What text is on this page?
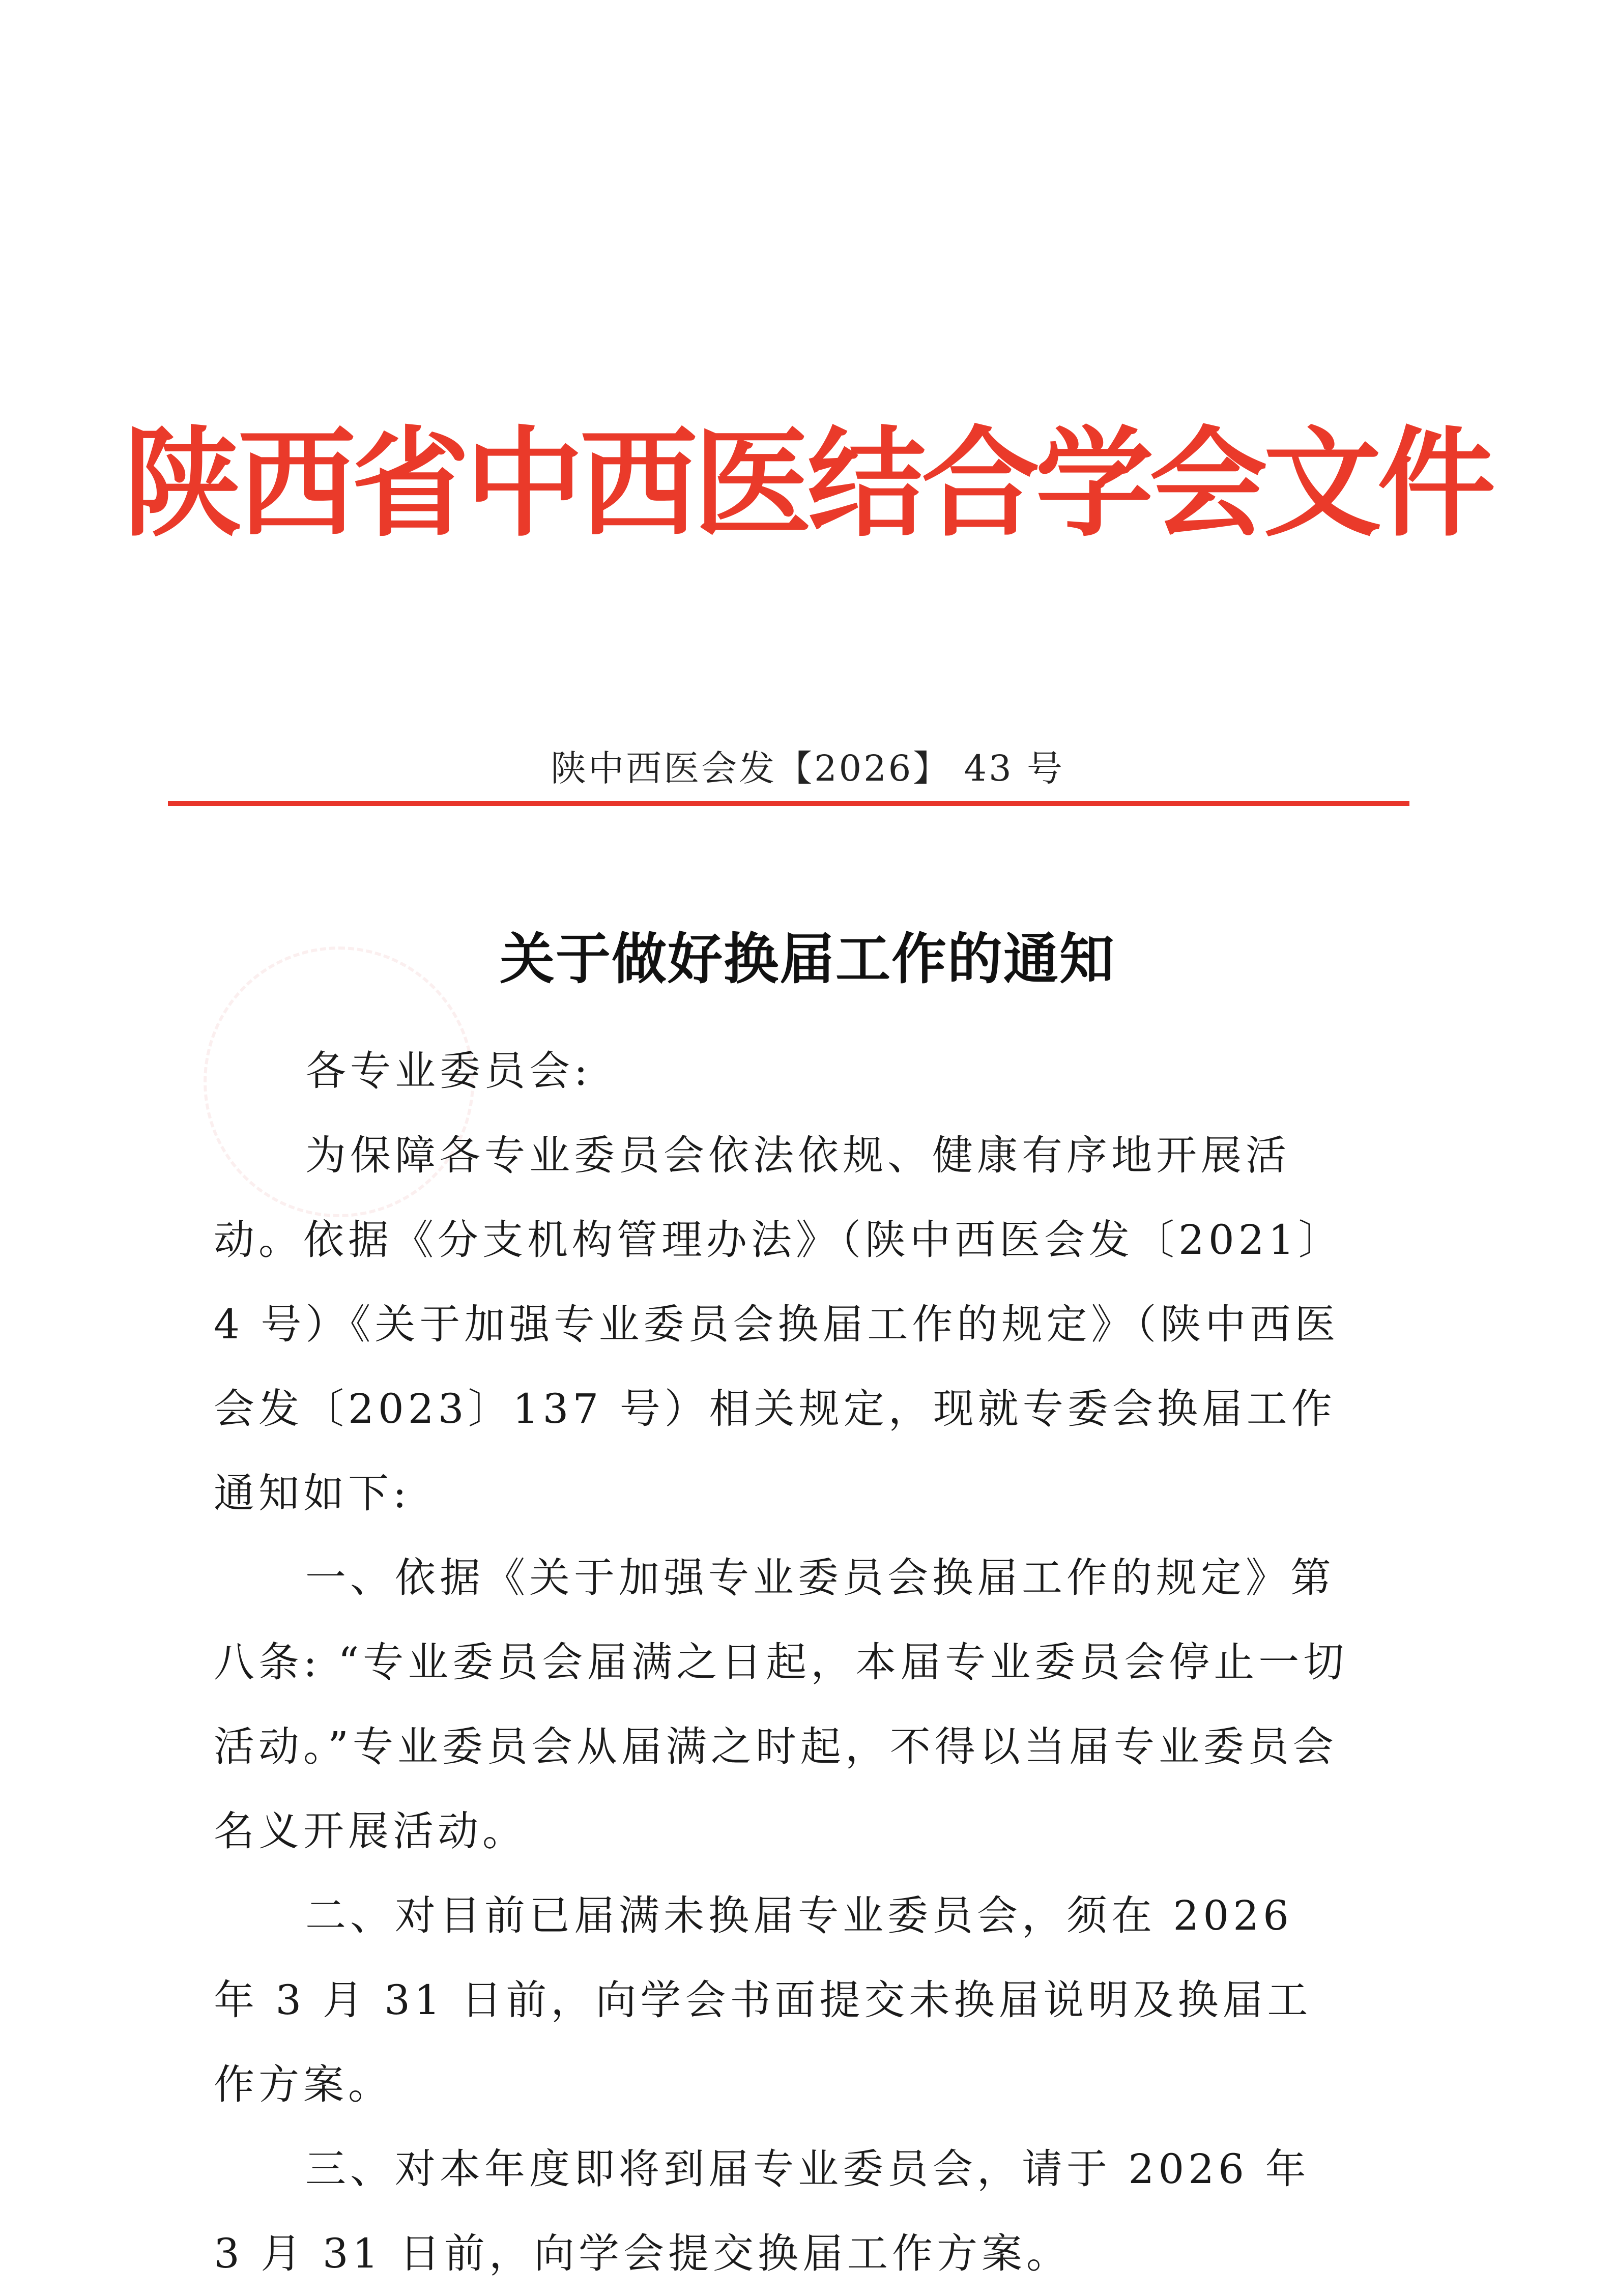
陕西省中西医结合学会文件
陕中西医会发【2026】 43 号
关于做好换届工作的通知

各专业委员会:

为保障各专业委员会依法依规、健康有序地开展活动。依据《分支机构管理办法》（陕中西医会发〔2021〕4 号）《关于加强专业委员会换届工作的规定》（陕中西医会发〔2023〕137 号）相关规定，现就专委会换届工作通知如下:

一、依据《关于加强专业委员会换届工作的规定》第八条: “专业委员会届满之日起，本届专业委员会停止一切活动。”专业委员会从届满之时起，不得以当届专业委员会名义开展活动。

二、对目前已届满未换届专业委员会，须在 2026 年 3 月 31 日前，向学会书面提交未换届说明及换届工作方案。

三、对本年度即将到届专业委员会，请于 2026 年 3 月 31 日前，向学会提交换届工作方案。
